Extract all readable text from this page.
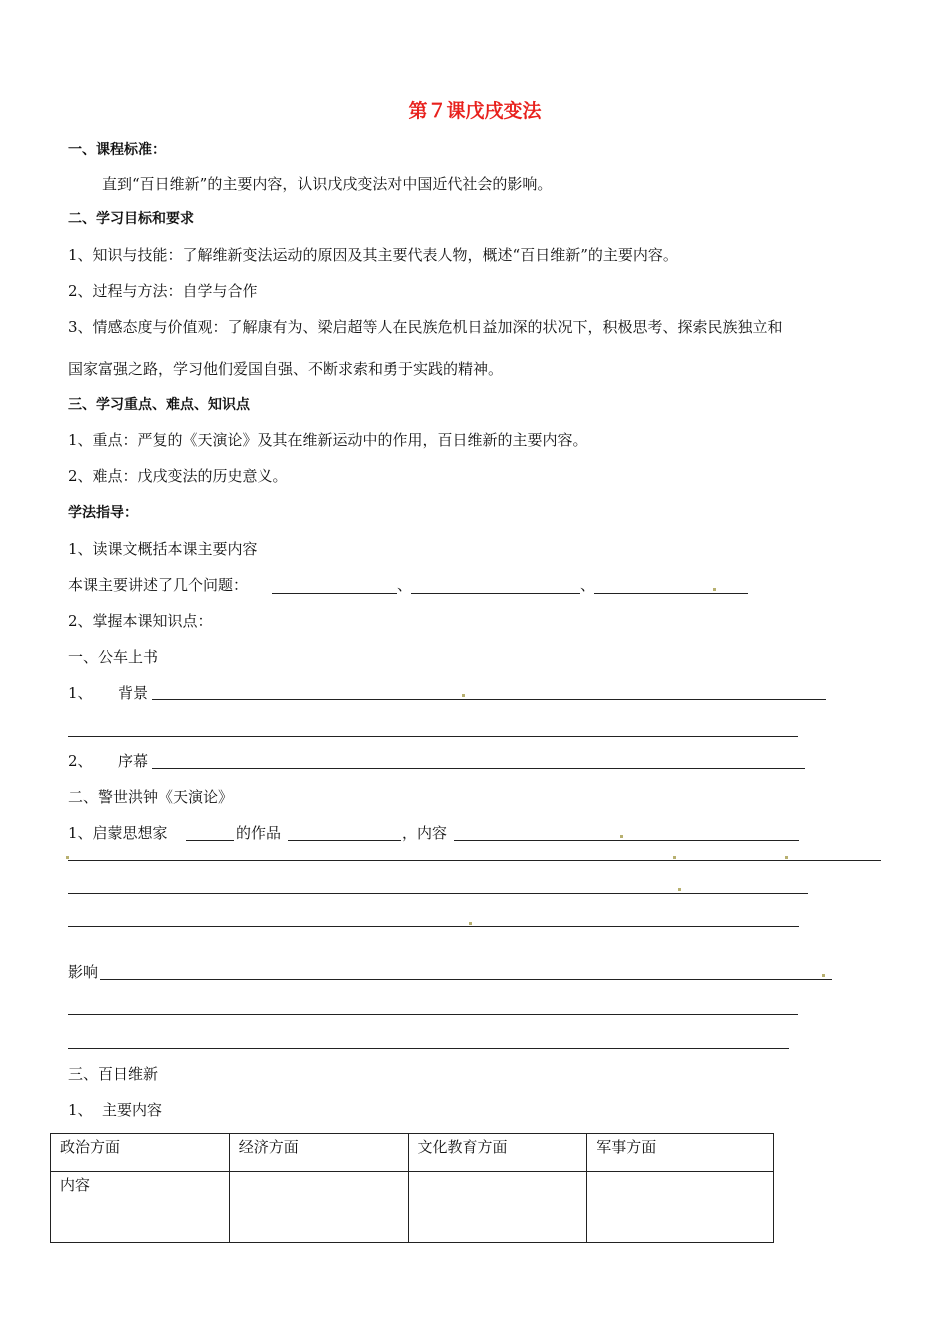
第７课戊戌变法
一、课程标准：
直到“百日维新”的主要内容，认识戊戌变法对中国近代社会的影响。
二、学习目标和要求
1、知识与技能：了解维新变法运动的原因及其主要代表人物，概述“百日维新”的主要内容。
2、过程与方法：自学与合作
3、情感态度与价值观：了解康有为、梁启超等人在民族危机日益加深的状况下，积极思考、探索民族独立和
国家富强之路，学习他们爱国自强、不断求索和勇于实践的精神。
三、学习重点、难点、知识点
1、重点：严复的《天演论》及其在维新运动中的作用，百日维新的主要内容。
2、难点：戊戌变法的历史意义。
学法指导：
1、读课文概括本课主要内容
本课主要讲述了几个问题：	、	、
2、掌握本课知识点：
一、公车上书
1、 背景
2、 序幕
二、警世洪钟《天演论》
1、启蒙思想家	的作品	，内容
影响
三、百日维新
1、 主要内容
政治方面	经济方面	文化教育方面	军事方面
内容			
